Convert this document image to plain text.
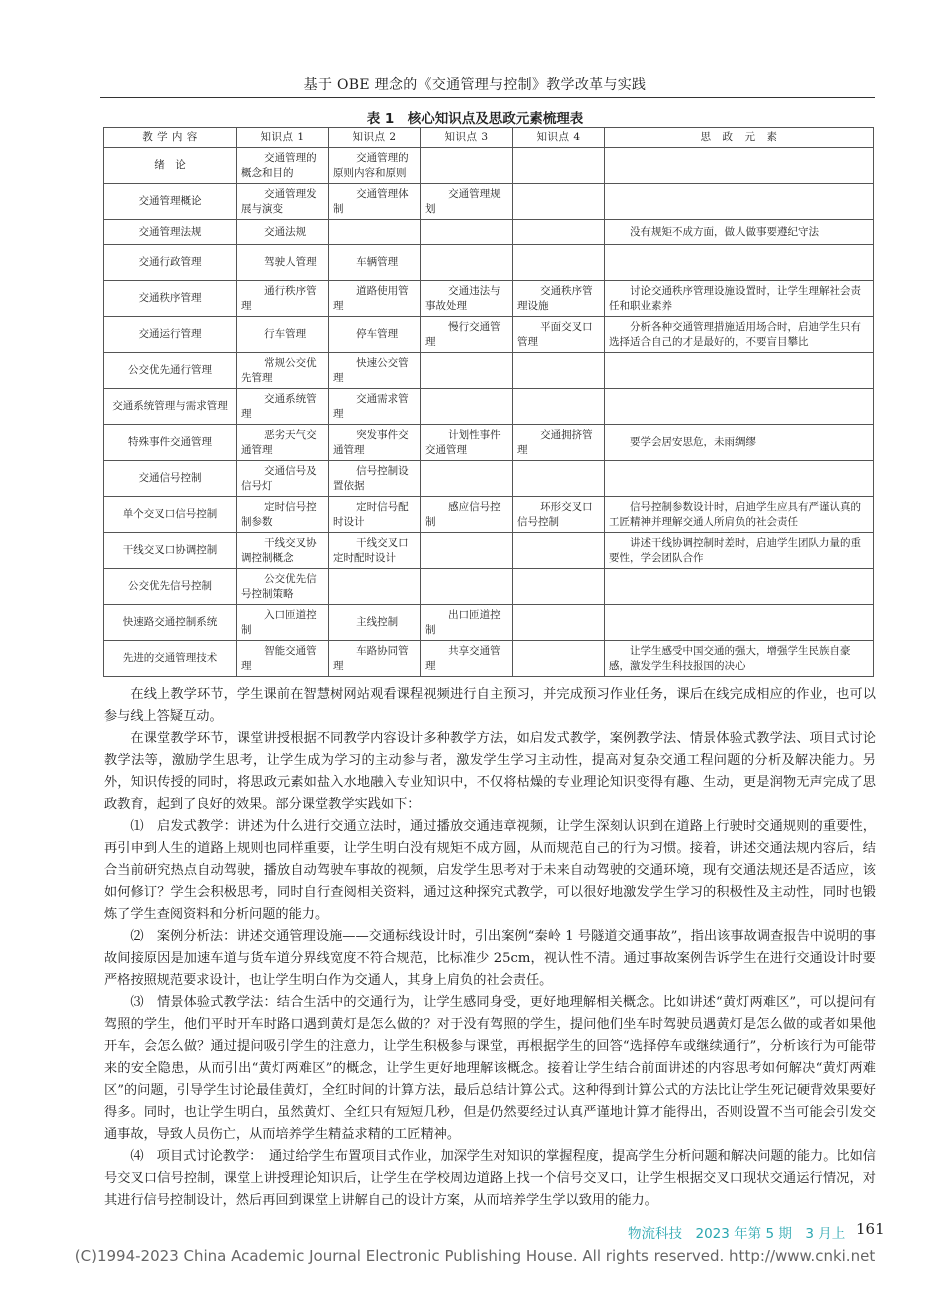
基于 OBE 理念的《交通管理与控制》教学改革与实践
表 1　核心知识点及思政元素梳理表
教 学 内 容	知识点 1	知识点 2	知识点 3	知识点 4	思　政　元　素
绪　论	交通管理的概念和目的	交通管理的原则内容和原则			
交通管理概论	交通管理发展与演变	交通管理体制	交通管理规划		
交通管理法规	交通法规				没有规矩不成方面，做人做事要遵纪守法
交通行政管理	驾驶人管理	车辆管理			
交通秩序管理	通行秩序管理	道路使用管理	交通违法与事故处理	交通秩序管理设施	讨论交通秩序管理设施设置时，让学生理解社会责任和职业素养
交通运行管理	行车管理	停车管理	慢行交通管理	平面交叉口管理	分析各种交通管理措施适用场合时，启迪学生只有选择适合自己的才是最好的，不要盲目攀比
公交优先通行管理	常规公交优先管理	快速公交管理			
交通系统管理与需求管理	交通系统管理	交通需求管理			
特殊事件交通管理	恶劣天气交通管理	突发事件交通管理	计划性事件交通管理	交通拥挤管理	要学会居安思危，未雨绸缪
交通信号控制	交通信号及信号灯	信号控制设置依据			
单个交叉口信号控制	定时信号控制参数	定时信号配时设计	感应信号控制	环形交叉口信号控制	信号控制参数设计时，启迪学生应具有严谨认真的工匠精神并理解交通人所肩负的社会责任
干线交叉口协调控制	干线交叉协调控制概念	干线交叉口定时配时设计			讲述干线协调控制时差时，启迪学生团队力量的重要性，学会团队合作
公交优先信号控制	公交优先信号控制策略				
快速路交通控制系统	入口匝道控制	主线控制	出口匝道控制		
先进的交通管理技术	智能交通管理	车路协同管理	共享交通管理		让学生感受中国交通的强大，增强学生民族自豪感，激发学生科技报国的决心

在线上教学环节，学生课前在智慧树网站观看课程视频进行自主预习，并完成预习作业任务，课后在线完成相应的作业，也可以参与线上答疑互动。

在课堂教学环节，课堂讲授根据不同教学内容设计多种教学方法，如启发式教学，案例教学法、情景体验式教学法、项目式讨论教学法等，激励学生思考，让学生成为学习的主动参与者，激发学生学习主动性，提高对复杂交通工程问题的分析及解决能力。另外，知识传授的同时，将思政元素如盐入水地融入专业知识中，不仅将枯燥的专业理论知识变得有趣、生动，更是润物无声完成了思政教育，起到了良好的效果。部分课堂教学实践如下：

⑴　启发式教学：讲述为什么进行交通立法时，通过播放交通违章视频，让学生深刻认识到在道路上行驶时交通规则的重要性，再引申到人生的道路上规则也同样重要，让学生明白没有规矩不成方圆，从而规范自己的行为习惯。接着，讲述交通法规内容后，结合当前研究热点自动驾驶，播放自动驾驶车事故的视频，启发学生思考对于未来自动驾驶的交通环境，现有交通法规还是否适应，该如何修订？学生会积极思考，同时自行查阅相关资料，通过这种探究式教学，可以很好地激发学生学习的积极性及主动性，同时也锻炼了学生查阅资料和分析问题的能力。

⑵　案例分析法：讲述交通管理设施——交通标线设计时，引出案例“秦岭 1 号隧道交通事故”，指出该事故调查报告中说明的事故间接原因是加速车道与货车道分界线宽度不符合规范，比标准少 25cm，视认性不清。通过事故案例告诉学生在进行交通设计时要严格按照规范要求设计，也让学生明白作为交通人，其身上肩负的社会责任。

⑶　情景体验式教学法：结合生活中的交通行为，让学生感同身受，更好地理解相关概念。比如讲述“黄灯两难区”，可以提问有驾照的学生，他们平时开车时路口遇到黄灯是怎么做的？对于没有驾照的学生，提问他们坐车时驾驶员遇黄灯是怎么做的或者如果他开车，会怎么做？通过提问吸引学生的注意力，让学生积极参与课堂，再根据学生的回答“选择停车或继续通行”，分析该行为可能带来的安全隐患，从而引出“黄灯两难区”的概念，让学生更好地理解该概念。接着让学生结合前面讲述的内容思考如何解决“黄灯两难区”的问题，引导学生讨论最佳黄灯，全红时间的计算方法，最后总结计算公式。这种得到计算公式的方法比让学生死记硬背效果要好得多。同时，也让学生明白，虽然黄灯、全红只有短短几秒，但是仍然要经过认真严谨地计算才能得出，否则设置不当可能会引发交通事故，导致人员伤亡，从而培养学生精益求精的工匠精神。

⑷　项目式讨论教学：　通过给学生布置项目式作业，加深学生对知识的掌握程度，提高学生分析问题和解决问题的能力。比如信号交叉口信号控制，课堂上讲授理论知识后，让学生在学校周边道路上找一个信号交叉口，让学生根据交叉口现状交通运行情况，对其进行信号控制设计，然后再回到课堂上讲解自己的设计方案，从而培养学生学以致用的能力。

物流科技　2023 年第 5 期　3 月上 161
(C)1994-2023 China Academic Journal Electronic Publishing House. All rights reserved. http://www.cnki.net
